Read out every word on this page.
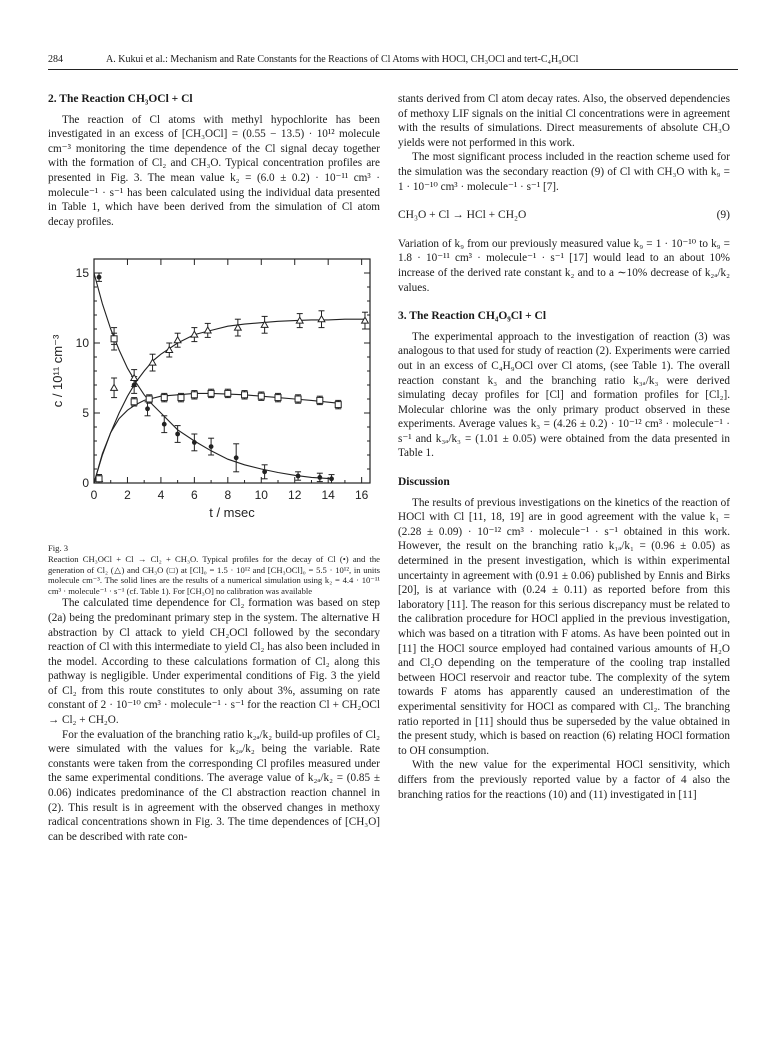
284	A. Kukui et al.: Mechanism and Rate Constants for the Reactions of Cl Atoms with HOCl, CH₃OCl and tert-C₄H₉OCl
2. The Reaction CH₃OCl + Cl

The reaction of Cl atoms with methyl hypochlorite has been investigated in an excess of [CH₃OCl] = (0.55 − 13.5) · 10¹² molecule cm⁻³ monitoring the time dependence of the Cl signal decay together with the formation of Cl₂ and CH₃O. Typical concentration profiles are presented in Fig. 3. The mean value k₂ = (6.0 ± 0.2) · 10⁻¹¹ cm³ · molecule⁻¹ · s⁻¹ has been calculated using the individual data presented in Table 1, which have been derived from the simulation of Cl atom decay profiles.

0 2 4 6 8 10 12 14 16
0
5
10
15
t / msec
c / 10¹¹ cm⁻³
Fig. 3
Reaction CH₃OCl + Cl → Cl₂ + CH₃O. Typical profiles for the decay of Cl (•) and the generation of Cl₂ (△) and CH₃O (□) at [Cl]₀ = 1.5 · 10¹² and [CH₃OCl]₀ = 5.5 · 10¹², in units molecule cm⁻³. The solid lines are the results of a numerical simulation using k₂ = 4.4 · 10⁻¹¹ cm³ · molecule⁻¹ · s⁻¹ (cf. Table 1). For [CH₃O] no calibration was available

The calculated time dependence for Cl₂ formation was based on step (2a) being the predominant primary step in the system. The alternative H abstraction by Cl attack to yield CH₂OCl followed by the secondary reaction of Cl with this intermediate to yield Cl₂ has also been included in the model. According to these calculations formation of Cl₂ along this pathway is negligible. Under experimental conditions of Fig. 3 the yield of Cl₂ from this route constitutes to only about 3%, assuming on rate constant of 2 · 10⁻¹⁰ cm³ · molecule⁻¹ · s⁻¹ for the reaction Cl + CH₂OCl → Cl₂ + CH₂O.

For the evaluation of the branching ratio k₂ₐ/k₂ build-up profiles of Cl₂ were simulated with the values for k₂ₐ/k₂ being the variable. Rate constants were taken from the corresponding Cl profiles measured under the same experimental conditions. The average value of k₂ₐ/k₂ = (0.85 ± 0.06) indicates predominance of the Cl abstraction reaction channel in (2). This result is in agreement with the observed changes in methoxy radical concentrations shown in Fig. 3. The time dependences of [CH₃O] can be described with rate con-

stants derived from Cl atom decay rates. Also, the observed dependencies of methoxy LIF signals on the initial Cl concentrations were in agreement with the results of simulations. Direct measurements of absolute CH₃O yields were not performed in this work.

The most significant process included in the reaction scheme used for the simulation was the secondary reaction (9) of Cl with CH₃O with k₉ = 1 · 10⁻¹⁰ cm³ · molecule⁻¹ · s⁻¹ [7].

CH₃O + Cl → HCl + CH₂O	(9)

Variation of k₉ from our previously measured value k₉ = 1 · 10⁻¹⁰ to k₉ = 1.8 · 10⁻¹¹ cm³ · molecule⁻¹ · s⁻¹ [17] would lead to an about 10% increase of the derived rate constant k₂ and to a ∼10% decrease of k₂ₐ/k₂ values.

3. The Reaction CH₄O₉Cl + Cl

The experimental approach to the investigation of reaction (3) was analogous to that used for study of reaction (2). Experiments were carried out in an excess of C₄H₉OCl over Cl atoms, (see Table 1). The overall reaction constant k₃ and the branching ratio k₃ₐ/k₃ were derived simulating decay profiles for [Cl] and formation profiles for [Cl₂]. Molecular chlorine was the only primary product observed in these experiments. Average values k₃ = (4.26 ± 0.2) · 10⁻¹² cm³ · molecule⁻¹ · s⁻¹ and k₃ₐ/k₃ = (1.01 ± 0.05) were obtained from the data presented in Table 1.

Discussion

The results of previous investigations on the kinetics of the reaction of HOCl with Cl [11, 18, 19] are in good agreement with the value k₁ = (2.28 ± 0.09) · 10⁻¹² cm³ · molecule⁻¹ · s⁻¹ obtained in this work. However, the result on the branching ratio k₁ₐ/k₁ = (0.96 ± 0.05) as determined in the present investigation, which is within experimental uncertainty in agreement with (0.91 ± 0.06) published by Ennis and Birks [20], is at variance with (0.24 ± 0.11) as reported before from this laboratory [11]. The reason for this serious discrepancy must be related to the calibration procedure for HOCl applied in the previous investigation, which was based on a titration with F atoms. As have been pointed out in [11] the HOCl source employed had contained various amounts of H₂O and Cl₂O depending on the temperature of the cooling trap installed between HOCl reservoir and reactor tube. The complexity of the sytem towards F atoms has apparently caused an underestimation of the experimental sensitivity for HOCl as compared with Cl₂. The branching ratio reported in [11] should thus be superseded by the value obtained in the present study, which is based on reaction (6) relating HOCl formation to OH consumption.

With the new value for the experimental HOCl sensitivity, which differs from the previously reported value by a factor of 4 also the branching ratios for the reactions (10) and (11) investigated in [11]
